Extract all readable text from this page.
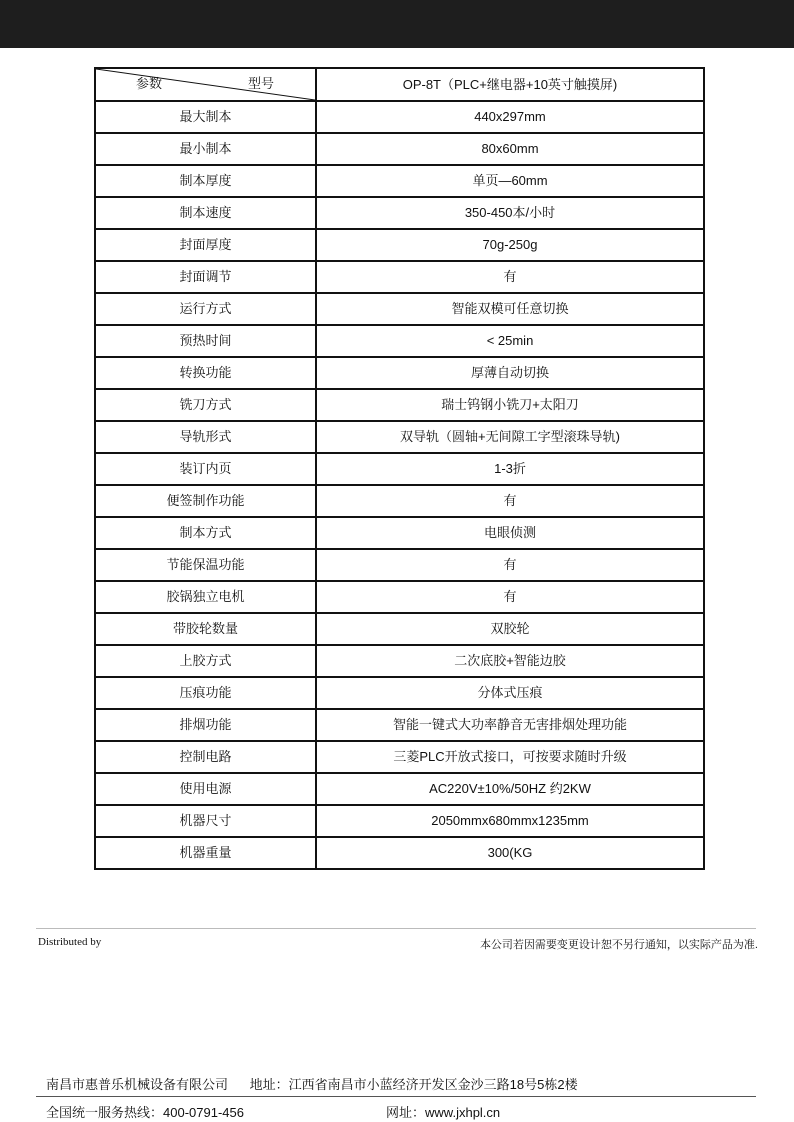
参数 型号	OP-8T（PLC+继电器+10英寸触摸屏)
最大制本	440x297mm
最小制本	80x60mm
制本厚度	单页—60mm
制本速度	350-450本/小时
封面厚度	70g-250g
封面调节	有
运行方式	智能双模可任意切换
预热时间	< 25min
转换功能	厚薄自动切换
铣刀方式	瑞士钨钢小铣刀+太阳刀
导轨形式	双导轨（圆轴+无间隙工字型滚珠导轨)
装订内页	1-3折
便签制作功能	有
制本方式	电眼侦测
节能保温功能	有
胶锅独立电机	有
带胶轮数量	双胶轮
上胶方式	二次底胶+智能边胶
压痕功能	分体式压痕
排烟功能	智能一键式大功率静音无害排烟处理功能
控制电路	三菱PLC开放式接口，可按要求随时升级
使用电源	AC220V±10%/50HZ 约2KW
机器尺寸	2050mmx680mmx1235mm
机器重量	300(KG
Distributed by	本公司若因需要变更设计恕不另行通知，以实际产品为准.
南昌市惠普乐机械设备有限公司 地址：江西省南昌市小蓝经济开发区金沙三路18号5栋2楼
全国统一服务热线：400-0791-456	网址：www.jxhpl.cn
